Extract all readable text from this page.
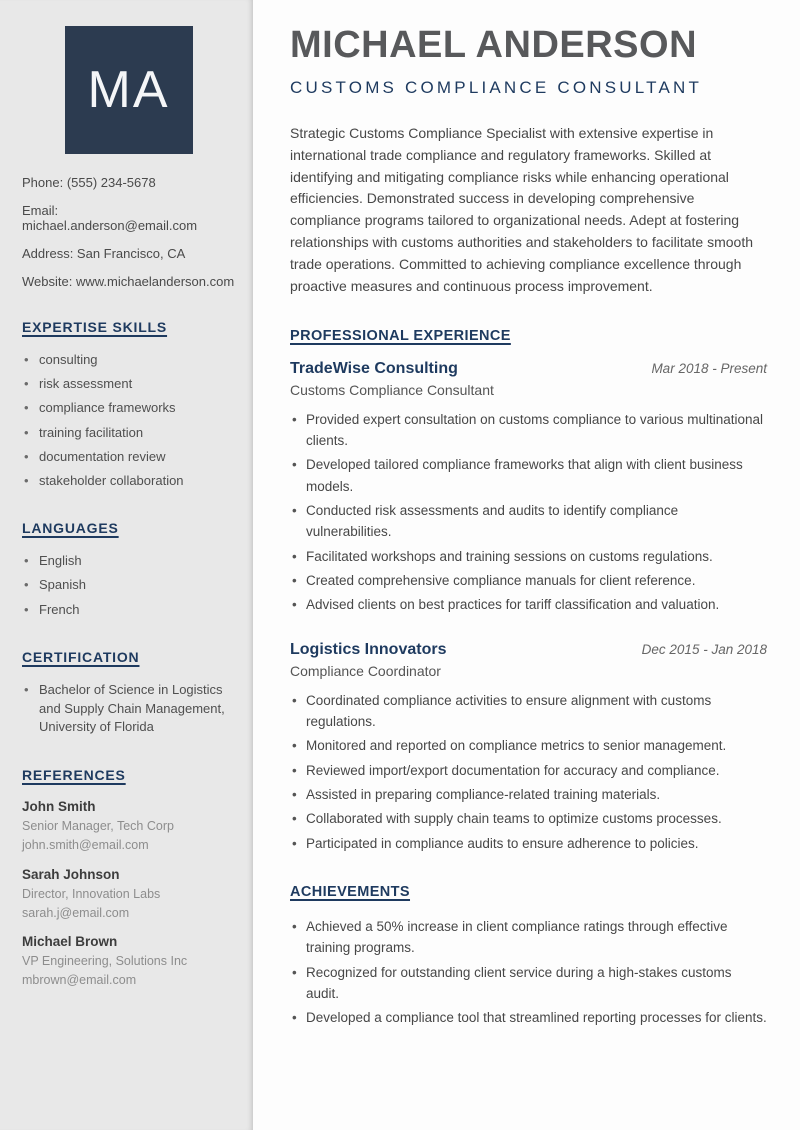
MA

Phone: (555) 234-5678

Email: michael.anderson@email.com

Address: San Francisco, CA

Website: www.michaelanderson.com

EXPERTISE SKILLS
• consulting
• risk assessment
• compliance frameworks
• training facilitation
• documentation review
• stakeholder collaboration
LANGUAGES
• English
• Spanish
• French
CERTIFICATION
• Bachelor of Science in Logistics and Supply Chain Management, University of Florida
REFERENCES

John Smith

Senior Manager, Tech Corp

john.smith@email.com

Sarah Johnson

Director, Innovation Labs

sarah.j@email.com

Michael Brown

VP Engineering, Solutions Inc

mbrown@email.com

MICHAEL ANDERSON
CUSTOMS COMPLIANCE CONSULTANT

Strategic Customs Compliance Specialist with extensive expertise in international trade compliance and regulatory frameworks. Skilled at identifying and mitigating compliance risks while enhancing operational efficiencies. Demonstrated success in developing comprehensive compliance programs tailored to organizational needs. Adept at fostering relationships with customs authorities and stakeholders to facilitate smooth trade operations. Committed to achieving compliance excellence through proactive measures and continuous process improvement.

PROFESSIONAL EXPERIENCE
TradeWise Consulting	Mar 2018 - Present
Customs Compliance Consultant
• Provided expert consultation on customs compliance to various multinational clients.
• Developed tailored compliance frameworks that align with client business models.
• Conducted risk assessments and audits to identify compliance vulnerabilities.
• Facilitated workshops and training sessions on customs regulations.
• Created comprehensive compliance manuals for client reference.
• Advised clients on best practices for tariff classification and valuation.
Logistics Innovators	Dec 2015 - Jan 2018
Compliance Coordinator
• Coordinated compliance activities to ensure alignment with customs regulations.
• Monitored and reported on compliance metrics to senior management.
• Reviewed import/export documentation for accuracy and compliance.
• Assisted in preparing compliance-related training materials.
• Collaborated with supply chain teams to optimize customs processes.
• Participated in compliance audits to ensure adherence to policies.
ACHIEVEMENTS
• Achieved a 50% increase in client compliance ratings through effective training programs.
• Recognized for outstanding client service during a high-stakes customs audit.
• Developed a compliance tool that streamlined reporting processes for clients.
